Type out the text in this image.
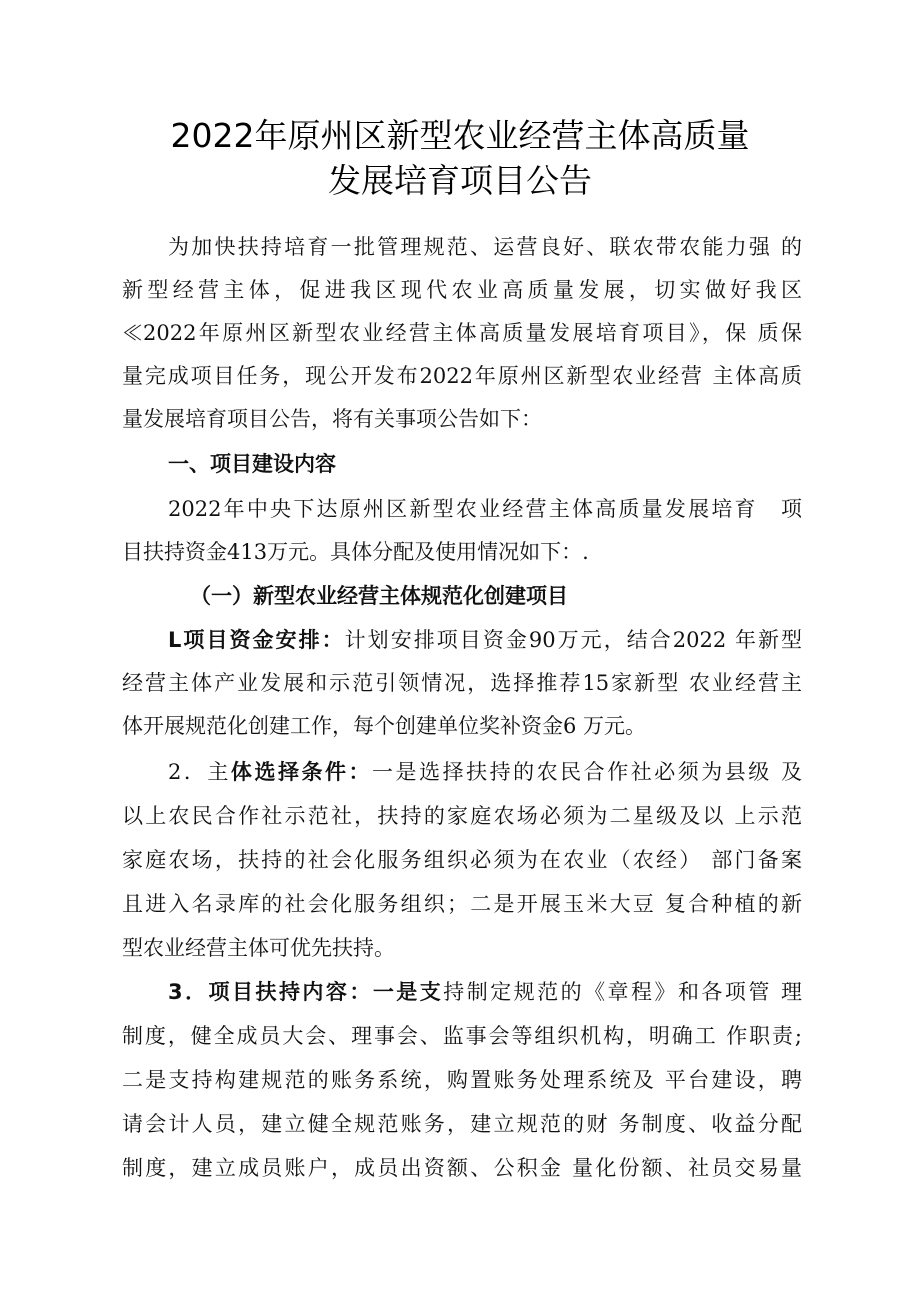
2022年原州区新型农业经营主体高质量
发展培育项目公告
为加快扶持培育一批管理规范、运营良好、联农带农能力强 的
新型经营主体，促进我区现代农业高质量发展，切实做好我区
≪2022年原州区新型农业经营主体高质量发展培育项目》，保 质保
量完成项目任务，现公开发布2022年原州区新型农业经营 主体高质
量发展培育项目公告，将有关事项公告如下：
一、项目建设内容
2022年中央下达原州区新型农业经营主体高质量发展培育　项
目扶持资金413万元。具体分配及使用情况如下：.
（一）新型农业经营主体规范化创建项目
L项目资金安排：计划安排项目资金90万元，结合2022 年新型
经营主体产业发展和示范引领情况，选择推荐15家新型 农业经营主
体开展规范化创建工作，每个创建单位奖补资金6 万元。
2．主体选择条件：一是选择扶持的农民合作社必须为县级 及
以上农民合作社示范社，扶持的家庭农场必须为二星级及以 上示范
家庭农场，扶持的社会化服务组织必须为在农业（农经） 部门备案
且进入名录库的社会化服务组织；二是开展玉米大豆 复合种植的新
型农业经营主体可优先扶持。
3．项目扶持内容：一是支持制定规范的《章程》和各项管 理
制度，健全成员大会、理事会、监事会等组织机构，明确工 作职责;
二是支持构建规范的账务系统，购置账务处理系统及 平台建设，聘
请会计人员，建立健全规范账务，建立规范的财 务制度、收益分配
制度，建立成员账户，成员出资额、公积金 量化份额、社员交易量
